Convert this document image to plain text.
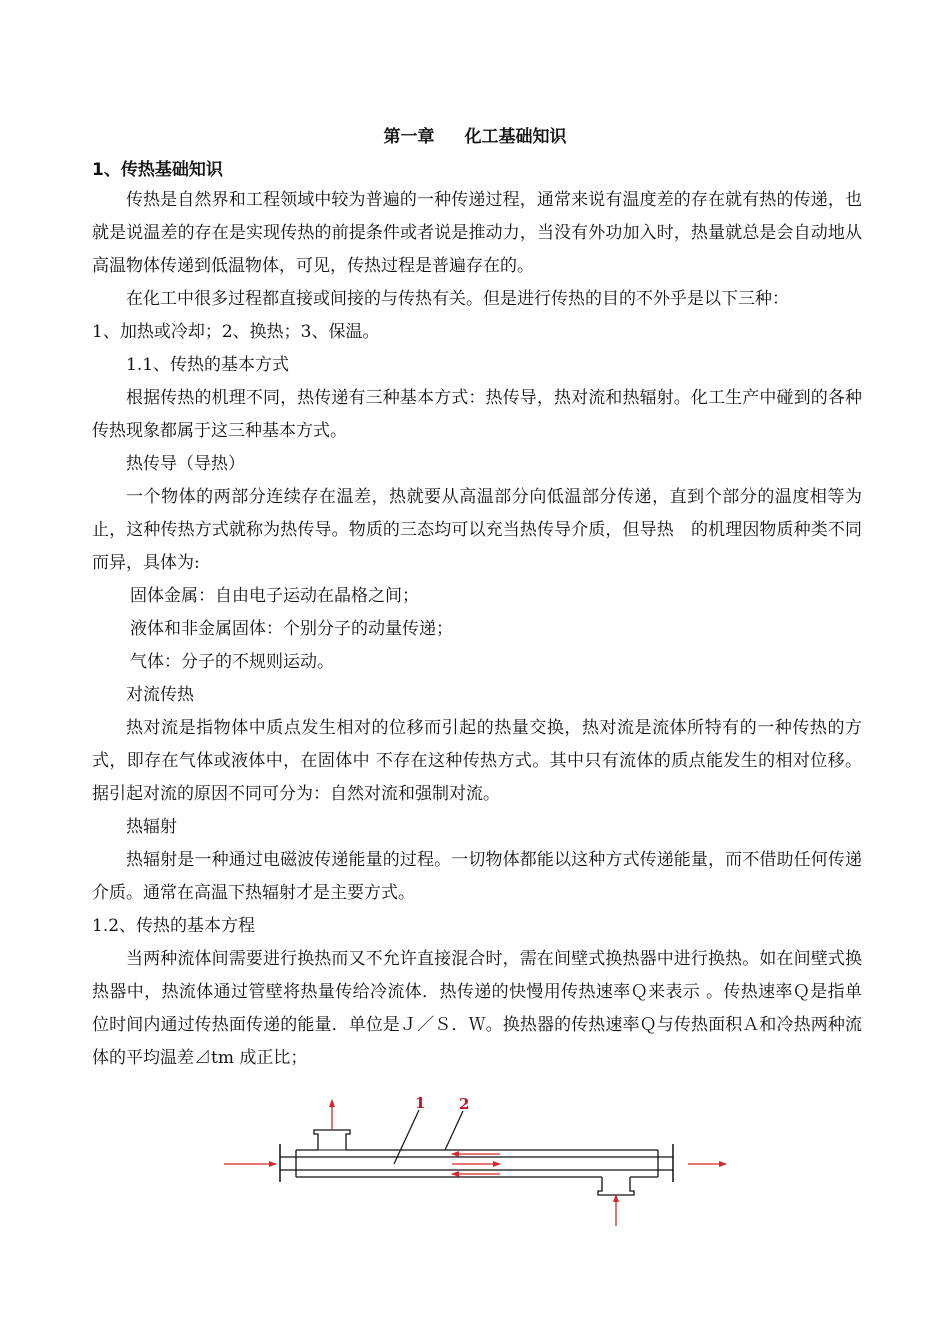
第一章 化工基础知识
1、传热基础知识

传热是自然界和工程领域中较为普遍的一种传递过程，通常来说有温度差的存在就有热的传递，也就是说温差的存在是实现传热的前提条件或者说是推动力，当没有外功加入时，热量就总是会自动地从高温物体传递到低温物体，可见，传热过程是普遍存在的。

在化工中很多过程都直接或间接的与传热有关。但是进行传热的目的不外乎是以下三种：

1、加热或冷却；2、换热；3、保温。

1.1、传热的基本方式

根据传热的机理不同，热传递有三种基本方式：热传导，热对流和热辐射。化工生产中碰到的各种传热现象都属于这三种基本方式。

热传导（导热）

一个物体的两部分连续存在温差，热就要从高温部分向低温部分传递，直到个部分的温度相等为止，这种传热方式就称为热传导。物质的三态均可以充当热传导介质，但导热　的机理因物质种类不同而异，具体为:

固体金属：自由电子运动在晶格之间；

液体和非金属固体：个别分子的动量传递；

气体：分子的不规则运动。

对流传热

热对流是指物体中质点发生相对的位移而引起的热量交换，热对流是流体所特有的一种传热的方式，即存在气体或液体中，在固体中 不存在这种传热方式。其中只有流体的质点能发生的相对位移。据引起对流的原因不同可分为：自然对流和强制对流。

热辐射

热辐射是一种通过电磁波传递能量的过程。一切物体都能以这种方式传递能量，而不借助任何传递介质。通常在高温下热辐射才是主要方式。

1.2、传热的基本方程

当两种流体间需要进行换热而又不允许直接混合时，需在间壁式换热器中进行换热。如在间壁式换热器中，热流体通过管壁将热量传给冷流体．热传递的快慢用传热速率Ｑ来表示 。传热速率Ｑ是指单位时间内通过传热面传递的能量．单位是Ｊ／Ｓ．Ｗ。换热器的传热速率Ｑ与传热面积Ａ和冷热两种流体的平均温差⊿tm 成正比；

1 2
